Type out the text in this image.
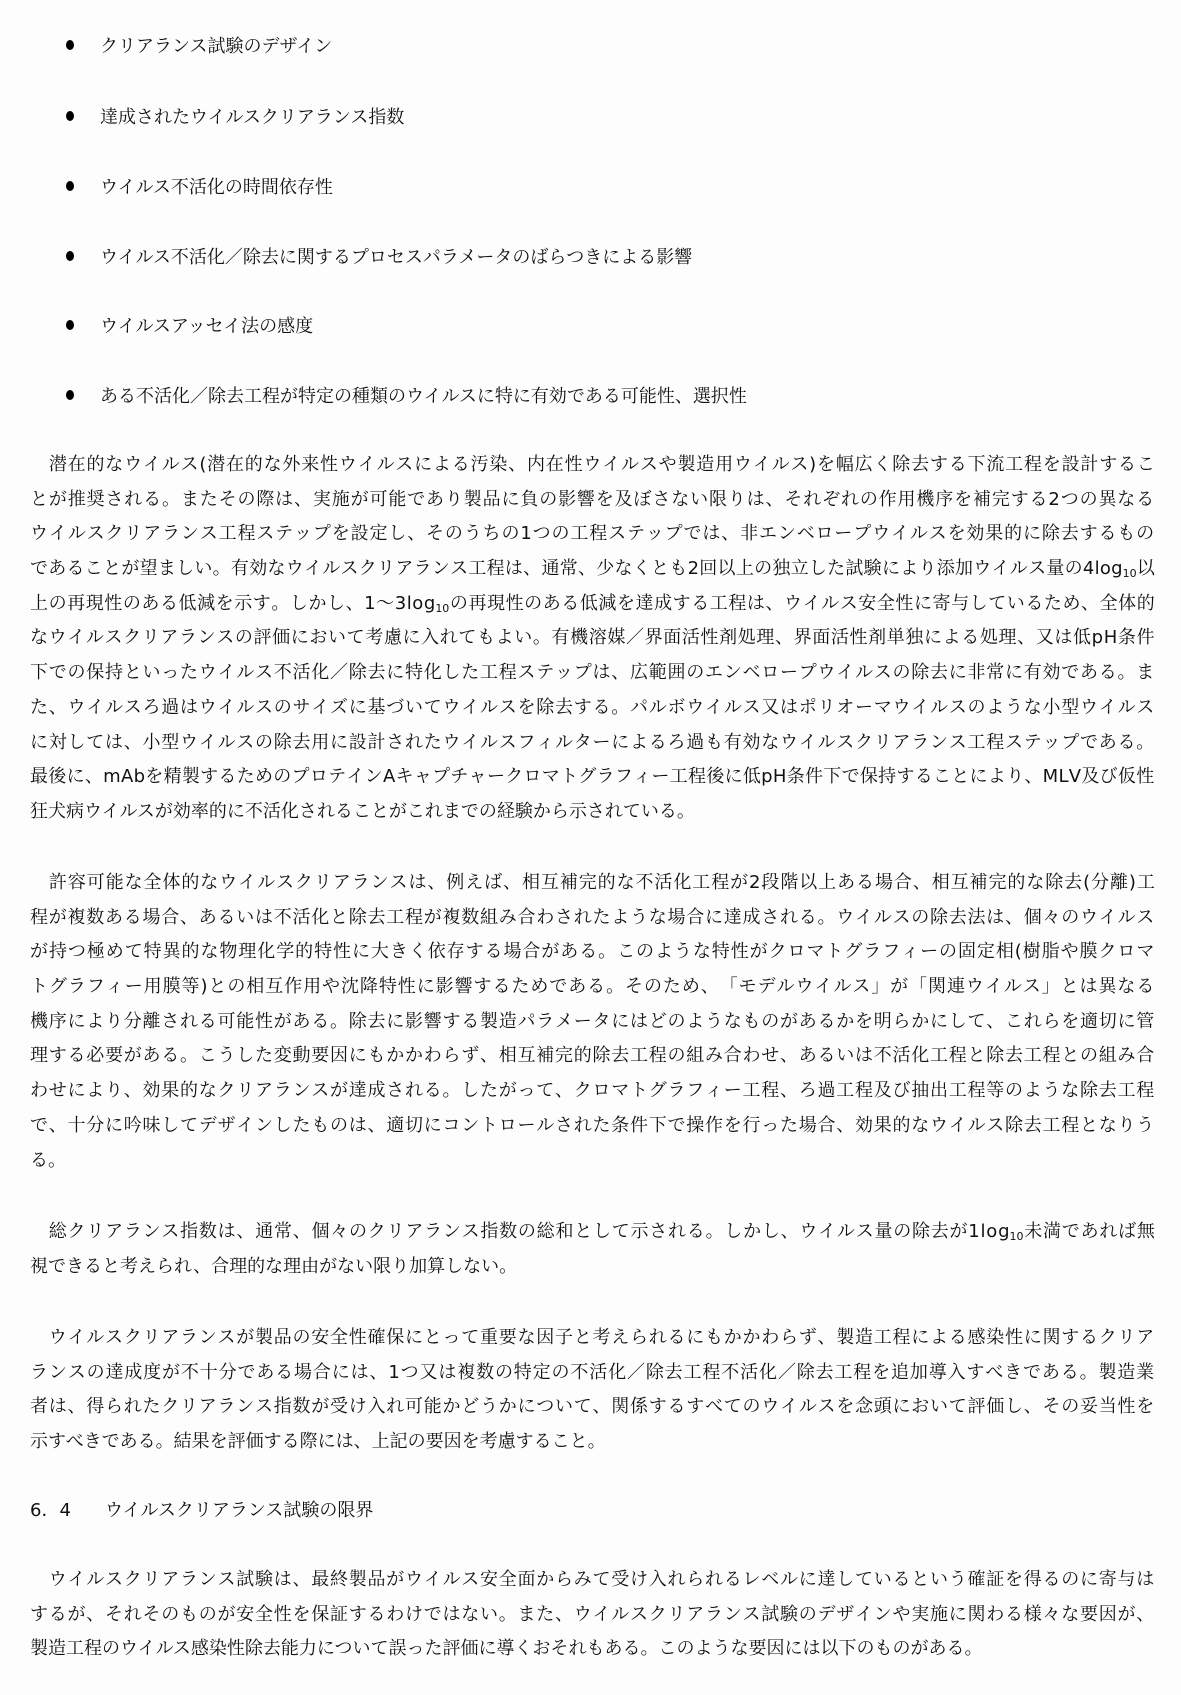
クリアランス試験のデザイン
達成されたウイルスクリアランス指数
ウイルス不活化の時間依存性
ウイルス不活化／除去に関するプロセスパラメータのばらつきによる影響
ウイルスアッセイ法の感度
ある不活化／除去工程が特定の種類のウイルスに特に有効である可能性、選択性

潜 在 的 な ウ イ ル ス ( 潜 在 的 な 外 来 性 ウ イ ル ス に よ る 汚 染 、 内 在 性 ウ イ ル ス や 製 造 用 ウ イ ル ス ) を 幅 広 く 除 去 す る 下 流 工 程 を 設 計 す る こ
と が 推 奨 さ れ る 。 ま た そ の 際 は 、 実 施 が 可 能 で あ り 製 品 に 負 の 影 響 を 及 ぼ さ な い 限 り は 、 そ れ ぞ れ の 作 用 機 序 を 補 完 す る 2 つ の 異 な る
ウ イ ル ス ク リ ア ラ ン ス 工 程 ス テ ッ プ を 設 定 し 、 そ の う ち の 1 つ の 工 程 ス テ ッ プ で は 、 非 エ ン ベ ロ ー プ ウ イ ル ス を 効 果 的 に 除 去 す る も の
で あ る こ と が 望 ま し い 。 有 効 な ウ イ ル ス ク リ ア ラ ン ス 工 程 は 、 通 常 、 少 な く と も 2 回 以 上 の 独 立 し た 試 験 に よ り 添 加 ウ イ ル ス 量 の 4 l o $g_{10}$ 以
上 の 再 現 性 の あ る 低 減 を 示 す 。 し か し 、 1 ～ 3 l o $g_{10}$ の 再 現 性 の あ る 低 減 を 達 成 す る 工 程 は 、 ウ イ ル ス 安 全 性 に 寄 与 し て い る た め 、 全 体 的
な ウ イ ル ス ク リ ア ラ ン ス の 評 価 に お い て 考 慮 に 入 れ て も よ い 。 有 機 溶 媒 ／ 界 面 活 性 剤 処 理 、 界 面 活 性 剤 単 独 に よ る 処 理 、 又 は 低 p H 条 件
下 で の 保 持 と い っ た ウ イ ル ス 不 活 化 ／ 除 去 に 特 化 し た 工 程 ス テ ッ プ は 、 広 範 囲 の エ ン ベ ロ ー プ ウ イ ル ス の 除 去 に 非 常 に 有 効 で あ る 。 ま
た 、 ウ イ ル ス ろ 過 は ウ イ ル ス の サ イ ズ に 基 づ い て ウ イ ル ス を 除 去 す る 。 パ ル ボ ウ イ ル ス 又 は ポ リ オ ー マ ウ イ ル ス の よ う な 小 型 ウ イ ル ス
に 対 し て は 、 小 型 ウ イ ル ス の 除 去 用 に 設 計 さ れ た ウ イ ル ス フ ィ ル タ ー に よ る ろ 過 も 有 効 な ウ イ ル ス ク リ ア ラ ン ス 工 程 ス テ ッ プ で あ る 。
最 後 に 、 m A b を 精 製 す る た め の プ ロ テ イ ン A キ ャ プ チ ャ ー ク ロ マ ト グ ラ フ ィ ー 工 程 後 に 低 p H 条 件 下 で 保 持 す る こ と に よ り 、 M L V 及 び 仮 性
狂犬病ウイルスが効率的に不活化されることがこれまでの経験から示されている。

許 容 可 能 な 全 体 的 な ウ イ ル ス ク リ ア ラ ン ス は 、 例 え ば 、 相 互 補 完 的 な 不 活 化 工 程 が 2 段 階 以 上 あ る 場 合 、 相 互 補 完 的 な 除 去 ( 分 離 ) 工
程 が 複 数 あ る 場 合 、 あ る い は 不 活 化 と 除 去 工 程 が 複 数 組 み 合 わ さ れ た よ う な 場 合 に 達 成 さ れ る 。 ウ イ ル ス の 除 去 法 は 、 個 々 の ウ イ ル ス
が 持 つ 極 め て 特 異 的 な 物 理 化 学 的 特 性 に 大 き く 依 存 す る 場 合 が あ る 。 こ の よ う な 特 性 が ク ロ マ ト グ ラ フ ィ ー の 固 定 相 ( 樹 脂 や 膜 ク ロ マ
ト グ ラ フ ィ ー 用 膜 等 ) と の 相 互 作 用 や 沈 降 特 性 に 影 響 す る た め で あ る 。 そ の た め 、 「 モ デ ル ウ イ ル ス 」 が 「 関 連 ウ イ ル ス 」 と は 異 な る
機 序 に よ り 分 離 さ れ る 可 能 性 が あ る 。 除 去 に 影 響 す る 製 造 パ ラ メ ー タ に は ど の よ う な も の が あ る か を 明 ら か に し て 、 こ れ ら を 適 切 に 管
理 す る 必 要 が あ る 。 こ う し た 変 動 要 因 に も か か わ ら ず 、 相 互 補 完 的 除 去 工 程 の 組 み 合 わ せ 、 あ る い は 不 活 化 工 程 と 除 去 工 程 と の 組 み 合
わ せ に よ り 、 効 果 的 な ク リ ア ラ ン ス が 達 成 さ れ る 。 し た が っ て 、 ク ロ マ ト グ ラ フ ィ ー 工 程 、 ろ 過 工 程 及 び 抽 出 工 程 等 の よ う な 除 去 工 程
で 、 十 分 に 吟 味 し て デ ザ イ ン し た も の は 、 適 切 に コ ン ト ロ ー ル さ れ た 条 件 下 で 操 作 を 行 っ た 場 合 、 効 果 的 な ウ イ ル ス 除 去 工 程 と な り う
る。

総 ク リ ア ラ ン ス 指 数 は 、 通 常 、 個 々 の ク リ ア ラ ン ス 指 数 の 総 和 と し て 示 さ れ る 。 し か し 、 ウ イ ル ス 量 の 除 去 が 1 l o $g_{10}$ 未 満 で あ れ ば 無
視できると考えられ、合理的な理由がない限り加算しない。

ウ イ ル ス ク リ ア ラ ン ス が 製 品 の 安 全 性 確 保 に と っ て 重 要 な 因 子 と 考 え ら れ る に も か か わ ら ず 、 製 造 工 程 に よ る 感 染 性 に 関 す る ク リ ア
ラ ン ス の 達 成 度 が 不 十 分 で あ る 場 合 に は 、 1 つ 又 は 複 数 の 特 定 の 不 活 化 ／ 除 去 工 程 不 活 化 ／ 除 去 工 程 を 追 加 導 入 す べ き で あ る 。 製 造 業
者 は 、 得 ら れ た ク リ ア ラ ン ス 指 数 が 受 け 入 れ 可 能 か ど う か に つ い て 、 関 係 す る す べ て の ウ イ ル ス を 念 頭 に お い て 評 価 し 、 そ の 妥 当 性 を
示すべきである。結果を評価する際には、上記の要因を考慮すること。

ウ イ ル ス ク リ ア ラ ン ス 試 験 は 、 最 終 製 品 が ウ イ ル ス 安 全 面 か ら み て 受 け 入 れ ら れ る レ ベ ル に 達 し て い る と い う 確 証 を 得 る の に 寄 与 は
す る が 、 そ れ そ の も の が 安 全 性 を 保 証 す る わ け で は な い 。 ま た 、 ウ イ ル ス ク リ ア ラ ン ス 試 験 の デ ザ イ ン や 実 施 に 関 わ る 様 々 な 要 因 が 、
製造工程のウイルス感染性除去能力について誤った評価に導くおそれもある。このような要因には以下のものがある。
6．4 ウイルスクリアランス試験の限界
